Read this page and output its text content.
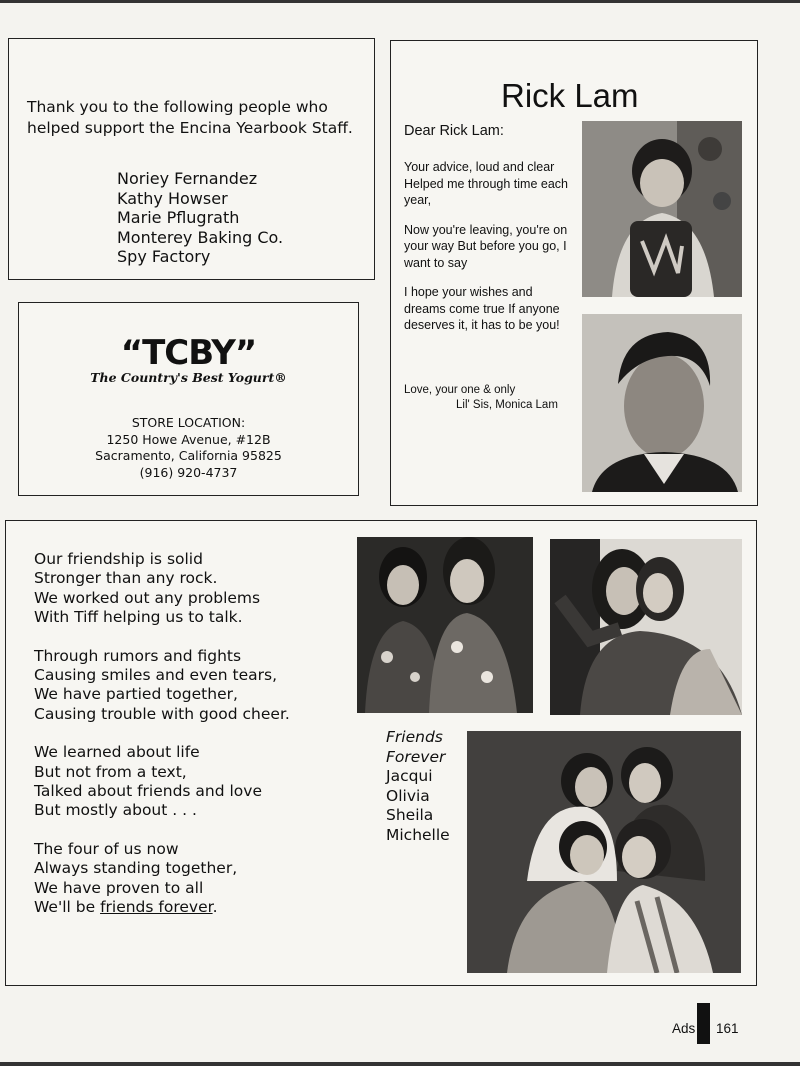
Thank you to the following people who helped support the Encina Yearbook Staff.
Noriey Fernandez
Kathy Howser
Marie Pflugrath
Monterey Baking Co.
Spy Factory
“TCBY”
The Country's Best Yogurt®
STORE LOCATION:
1250 Howe Avenue, #12B
Sacramento, California 95825
(916) 920-4737
Rick Lam
Dear Rick Lam:

Your advice, loud and clear Helped me through time each year,

Now you're leaving, you're on your way But before you go, I want to say

I hope your wishes and dreams come true If anyone deserves it, it has to be you!

Love, your one & only
Lil' Sis, Monica Lam

Our friendship is solid
Stronger than any rock.
We worked out any problems
With Tiff helping us to talk.

Through rumors and fights
Causing smiles and even tears,
We have partied together,
Causing trouble with good cheer.

We learned about life
But not from a text,
Talked about friends and love
But mostly about . . .

The four of us now
Always standing together,
We have proven to all
We'll be friends forever.

Friends
Forever
Jacqui
Olivia
Sheila
Michelle
Ads 161
